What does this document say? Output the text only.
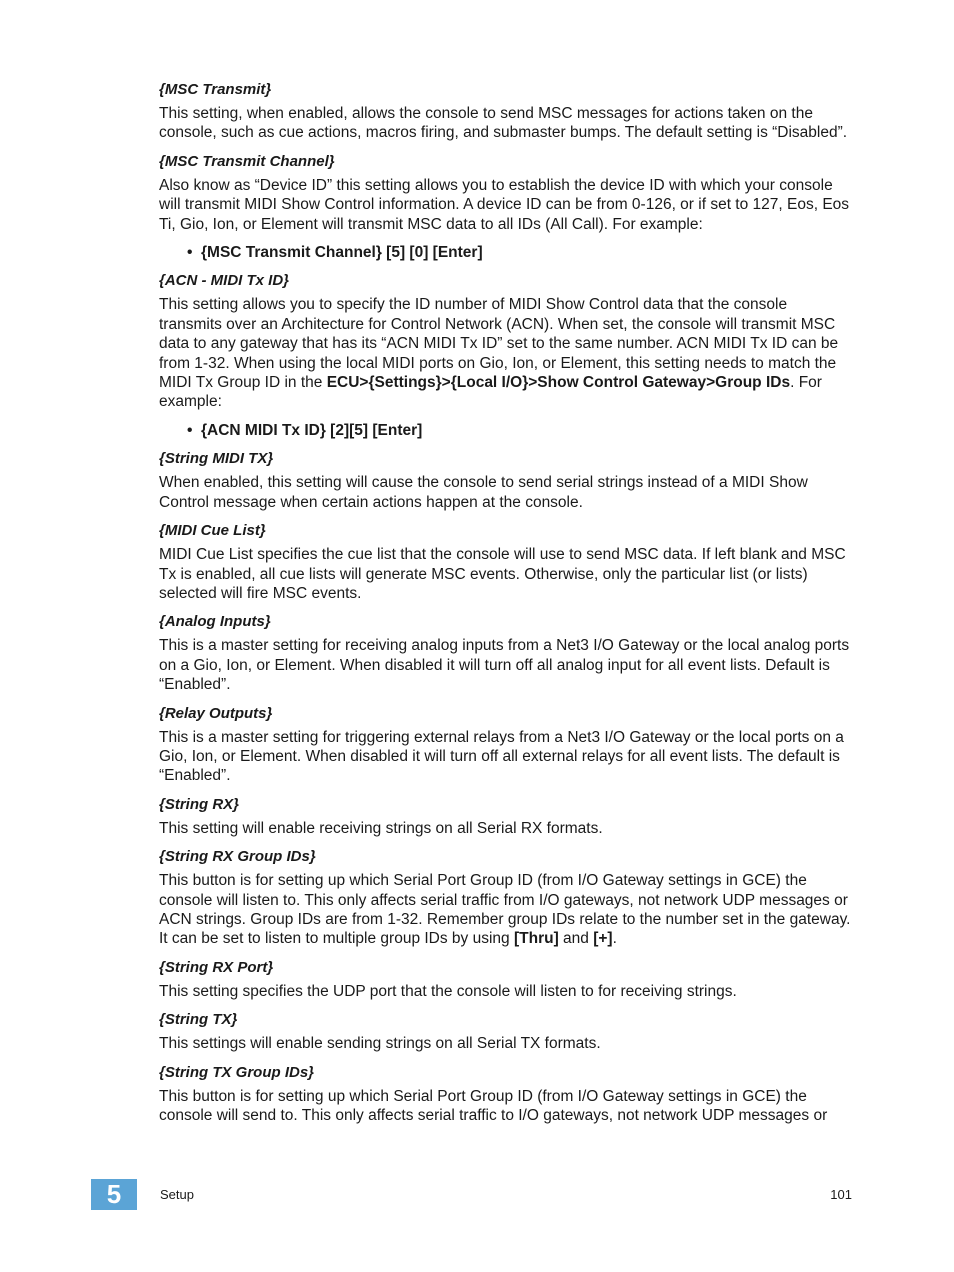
{MSC Transmit}
This setting, when enabled, allows the console to send MSC messages for actions taken on the console, such as cue actions, macros firing, and submaster bumps. The default setting is “Disabled”.
{MSC Transmit Channel}
Also know as “Device ID” this setting allows you to establish the device ID with which your console will transmit MIDI Show Control information. A device ID can be from 0-126, or if set to 127, Eos, Eos Ti, Gio, Ion, or Element will transmit MSC data to all IDs (All Call). For example:
• {MSC Transmit Channel} [5] [0] [Enter]
{ACN - MIDI Tx ID}
This setting allows you to specify the ID number of MIDI Show Control data that the console transmits over an Architecture for Control Network (ACN). When set, the console will transmit MSC data to any gateway that has its “ACN MIDI Tx ID” set to the same number. ACN MIDI Tx ID can be from 1-32. When using the local MIDI ports on Gio, Ion, or Element, this setting needs to match the MIDI Tx Group ID in the ECU>{Settings}>{Local I/O}>Show Control Gateway>Group IDs. For example:
• {ACN MIDI Tx ID} [2][5] [Enter]
{String MIDI TX}
When enabled, this setting will cause the console to send serial strings instead of a MIDI Show Control message when certain actions happen at the console.
{MIDI Cue List}
MIDI Cue List specifies the cue list that the console will use to send MSC data. If left blank and MSC Tx is enabled, all cue lists will generate MSC events. Otherwise, only the particular list (or lists) selected will fire MSC events.
{Analog Inputs}
This is a master setting for receiving analog inputs from a Net3 I/O Gateway or the local analog ports on a Gio, Ion, or Element. When disabled it will turn off all analog input for all event lists. Default is “Enabled”.
{Relay Outputs}
This is a master setting for triggering external relays from a Net3 I/O Gateway or the local ports on a Gio, Ion, or Element. When disabled it will turn off all external relays for all event lists. The default is “Enabled”.
{String RX}
This setting will enable receiving strings on all Serial RX formats.
{String RX Group IDs}
This button is for setting up which Serial Port Group ID (from I/O Gateway settings in GCE) the console will listen to. This only affects serial traffic from I/O gateways, not network UDP messages or ACN strings. Group IDs are from 1-32. Remember group IDs relate to the number set in the gateway. It can be set to listen to multiple group IDs by using [Thru] and [+].
{String RX Port}
This setting specifies the UDP port that the console will listen to for receiving strings.
{String TX}
This settings will enable sending strings on all Serial TX formats.
{String TX Group IDs}
This button is for setting up which Serial Port Group ID (from I/O Gateway settings in GCE) the console will send to. This only affects serial traffic to I/O gateways, not network UDP messages or
5	Setup	101
